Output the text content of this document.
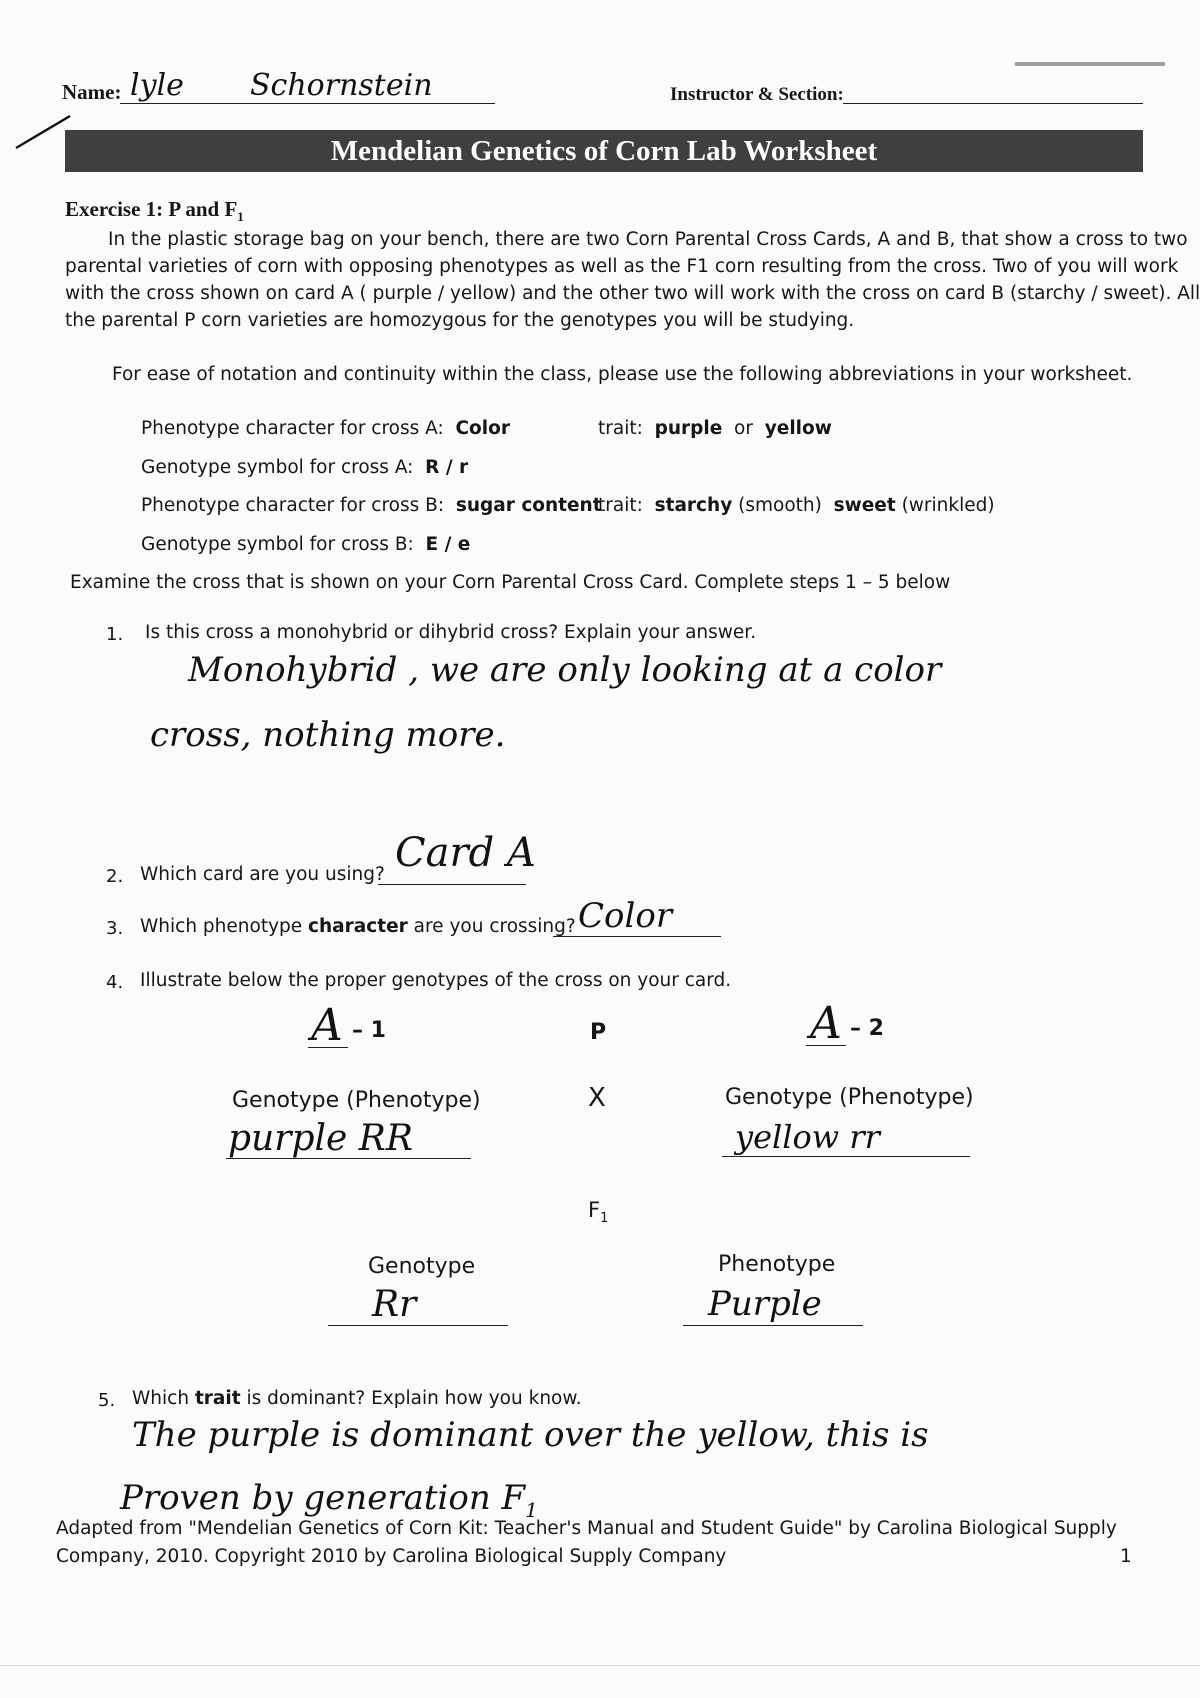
Name: lyle Schornstein	Instructor & Section:
Mendelian Genetics of Corn Lab Worksheet
Exercise 1: P and $F_1$
In the plastic storage bag on your bench, there are two Corn Parental Cross Cards, A and B, that show a cross to two
parental varieties of corn with opposing phenotypes as well as the F1 corn resulting from the cross. Two of you will work
with the cross shown on card A ( purple / yellow) and the other two will work with the cross on card B (starchy / sweet). All
the parental P corn varieties are homozygous for the genotypes you will be studying.
For ease of notation and continuity within the class, please use the following abbreviations in your worksheet.
Phenotype character for cross A: Color	trait: purple or yellow
Genotype symbol for cross A: R / r
Phenotype character for cross B: sugar content
trait: starchy (smooth) sweet (wrinkled)
Genotype symbol for cross B: E / e
Examine the cross that is shown on your Corn Parental Cross Card. Complete steps 1 – 5 below
1. Is this cross a monohybrid or dihybrid cross? Explain your answer.
Monohybrid , we are only looking at a color
cross, nothing more.
2. Which card are you using? Card A
3. Which phenotype character are you crossing? Color
4. Illustrate below the proper genotypes of the cross on your card.
A – 1	P	A – 2
Genotype (Phenotype)	X	Genotype (Phenotype)
purple RR	yellow rr
$F_1$
Genotype	Phenotype
Rr	Purple
5. Which trait is dominant? Explain how you know.
The purple is dominant over the yellow, this is
Proven by generation $F_1$
Adapted from "Mendelian Genetics of Corn Kit: Teacher's Manual and Student Guide" by Carolina Biological Supply
Company, 2010. Copyright 2010 by Carolina Biological Supply Company	1
